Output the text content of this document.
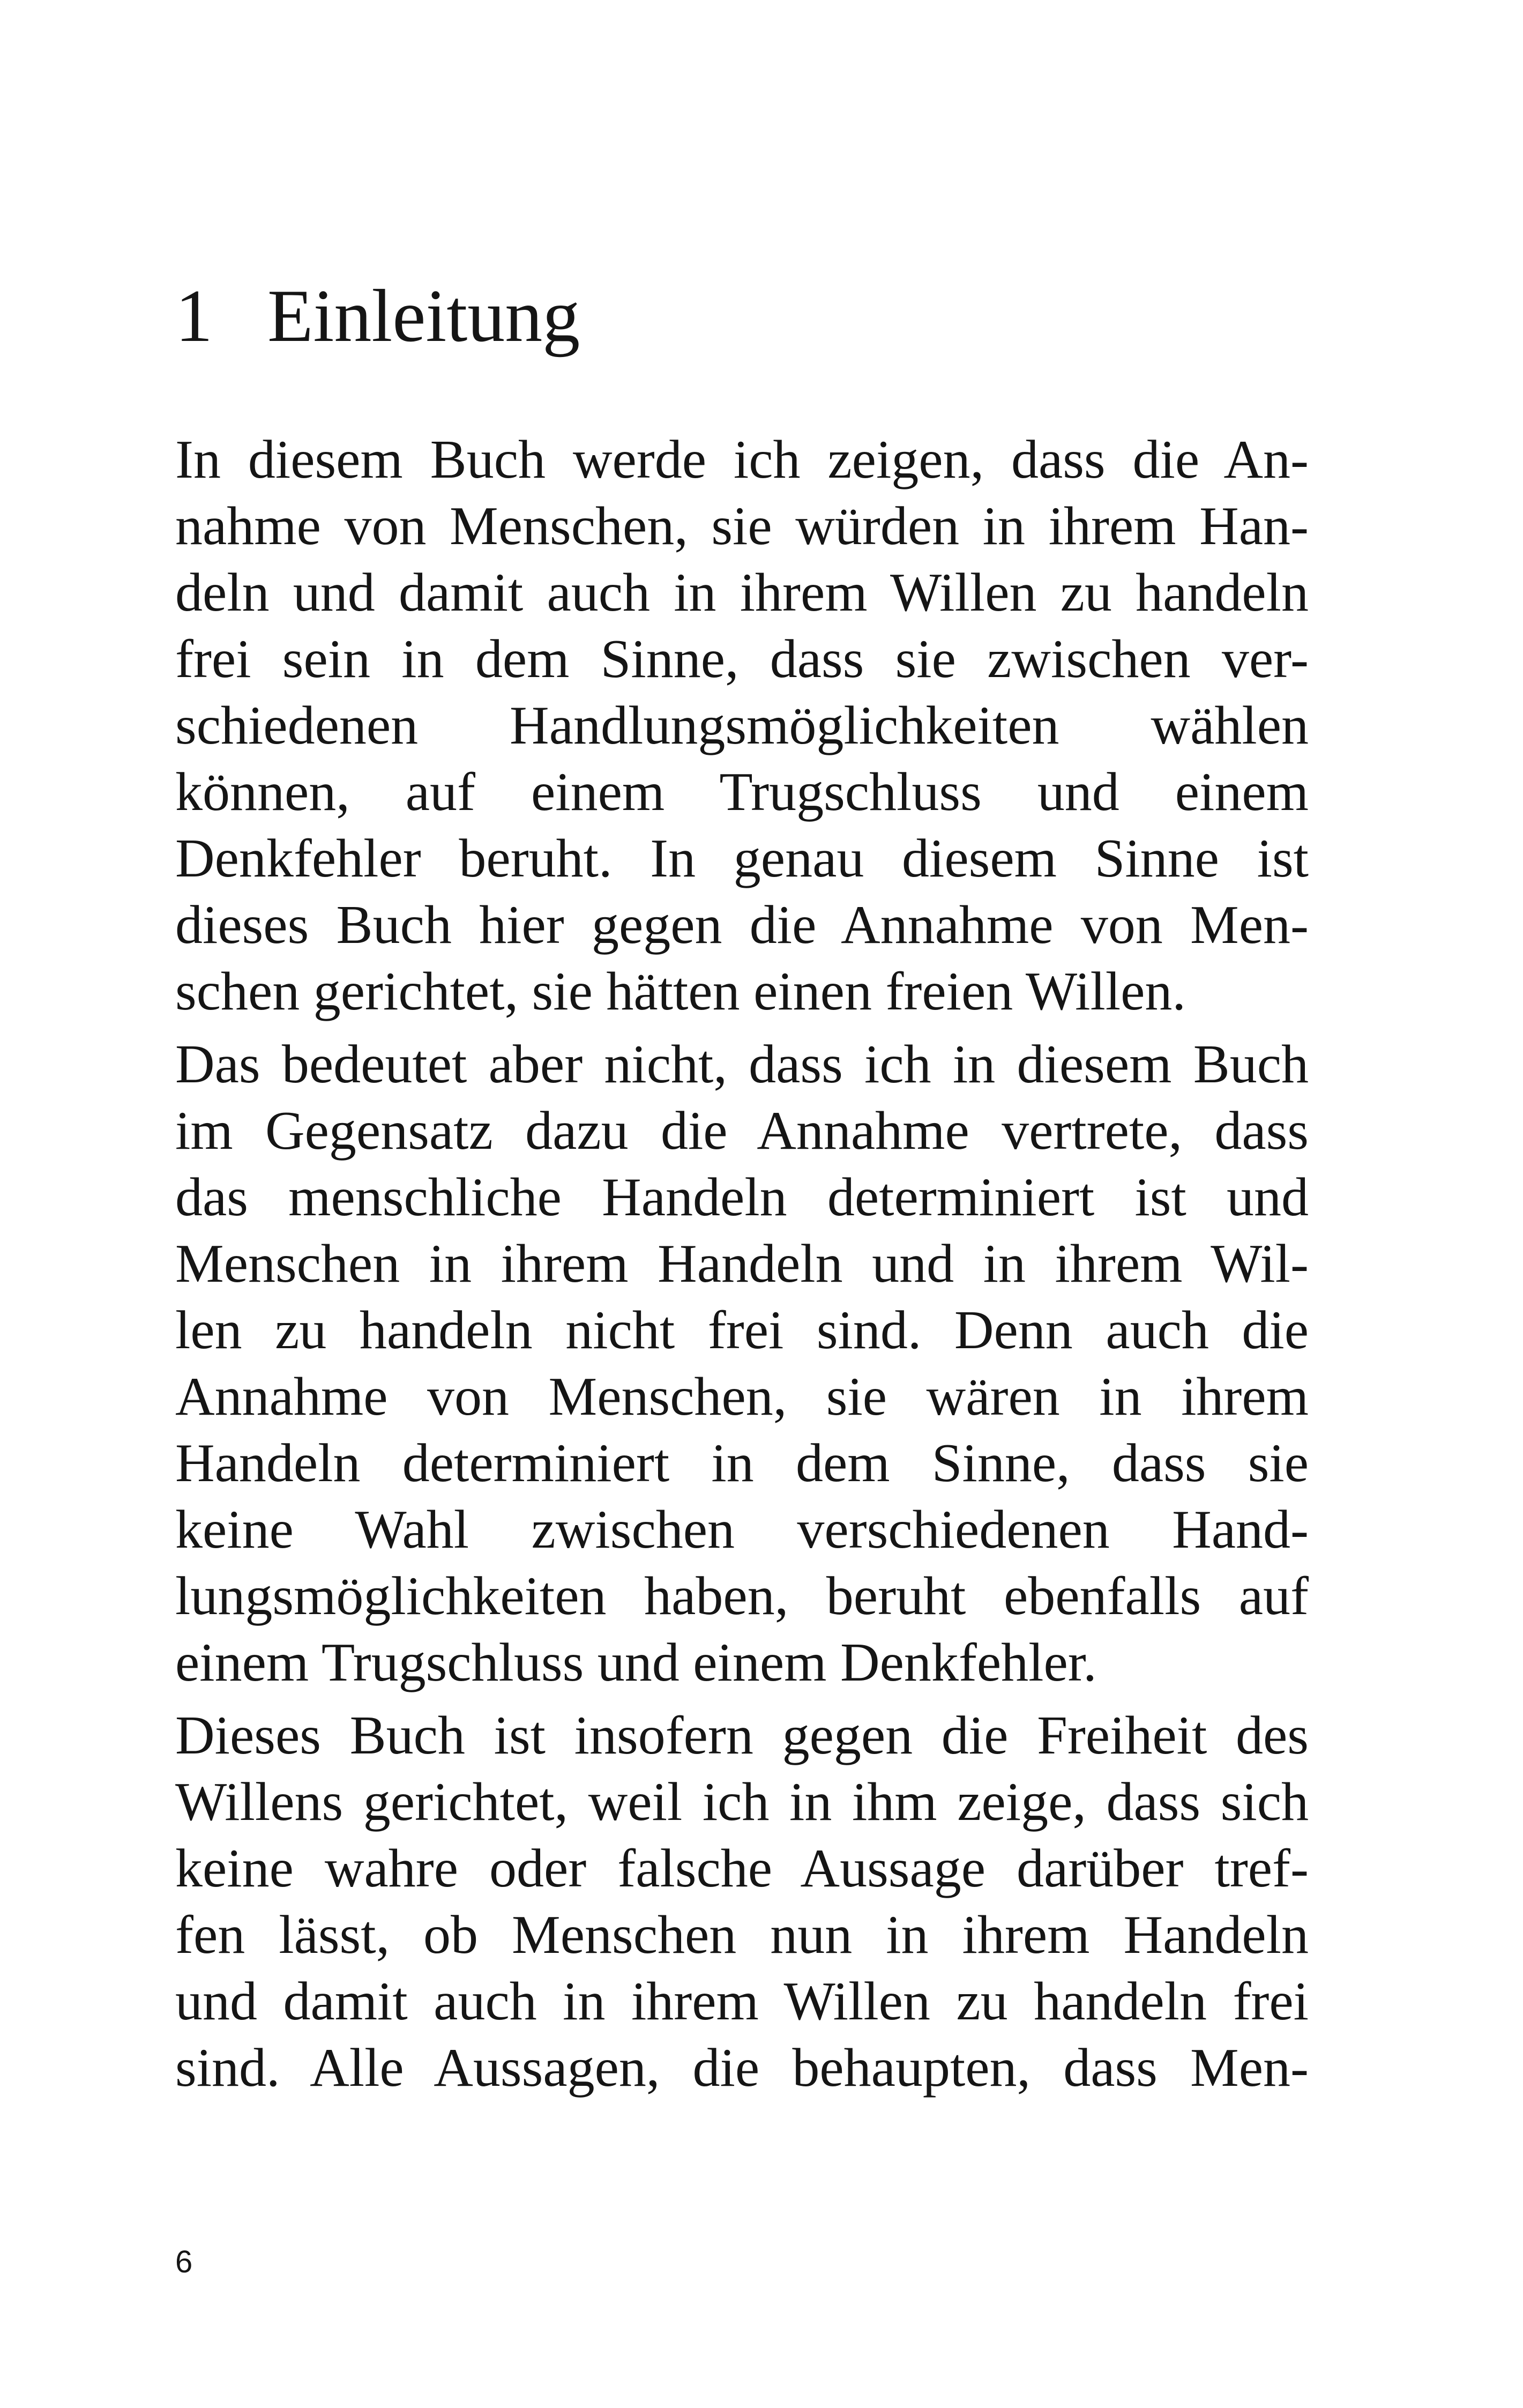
1 Einleitung
In diesem Buch werde ich zeigen, dass die An-
nahme von Menschen, sie würden in ihrem Han-
deln und damit auch in ihrem Willen zu handeln
frei sein in dem Sinne, dass sie zwischen ver-
schiedenen Handlungsmöglichkeiten wählen
können, auf einem Trugschluss und einem
Denkfehler beruht. In genau diesem Sinne ist
dieses Buch hier gegen die Annahme von Men-
schen gerichtet, sie hätten einen freien Willen.
Das bedeutet aber nicht, dass ich in diesem Buch
im Gegensatz dazu die Annahme vertrete, dass
das menschliche Handeln determiniert ist und
Menschen in ihrem Handeln und in ihrem Wil-
len zu handeln nicht frei sind. Denn auch die
Annahme von Menschen, sie wären in ihrem
Handeln determiniert in dem Sinne, dass sie
keine Wahl zwischen verschiedenen Hand-
lungsmöglichkeiten haben, beruht ebenfalls auf
einem Trugschluss und einem Denkfehler.
Dieses Buch ist insofern gegen die Freiheit des
Willens gerichtet, weil ich in ihm zeige, dass sich
keine wahre oder falsche Aussage darüber tref-
fen lässt, ob Menschen nun in ihrem Handeln
und damit auch in ihrem Willen zu handeln frei
sind. Alle Aussagen, die behaupten, dass Men-
6
